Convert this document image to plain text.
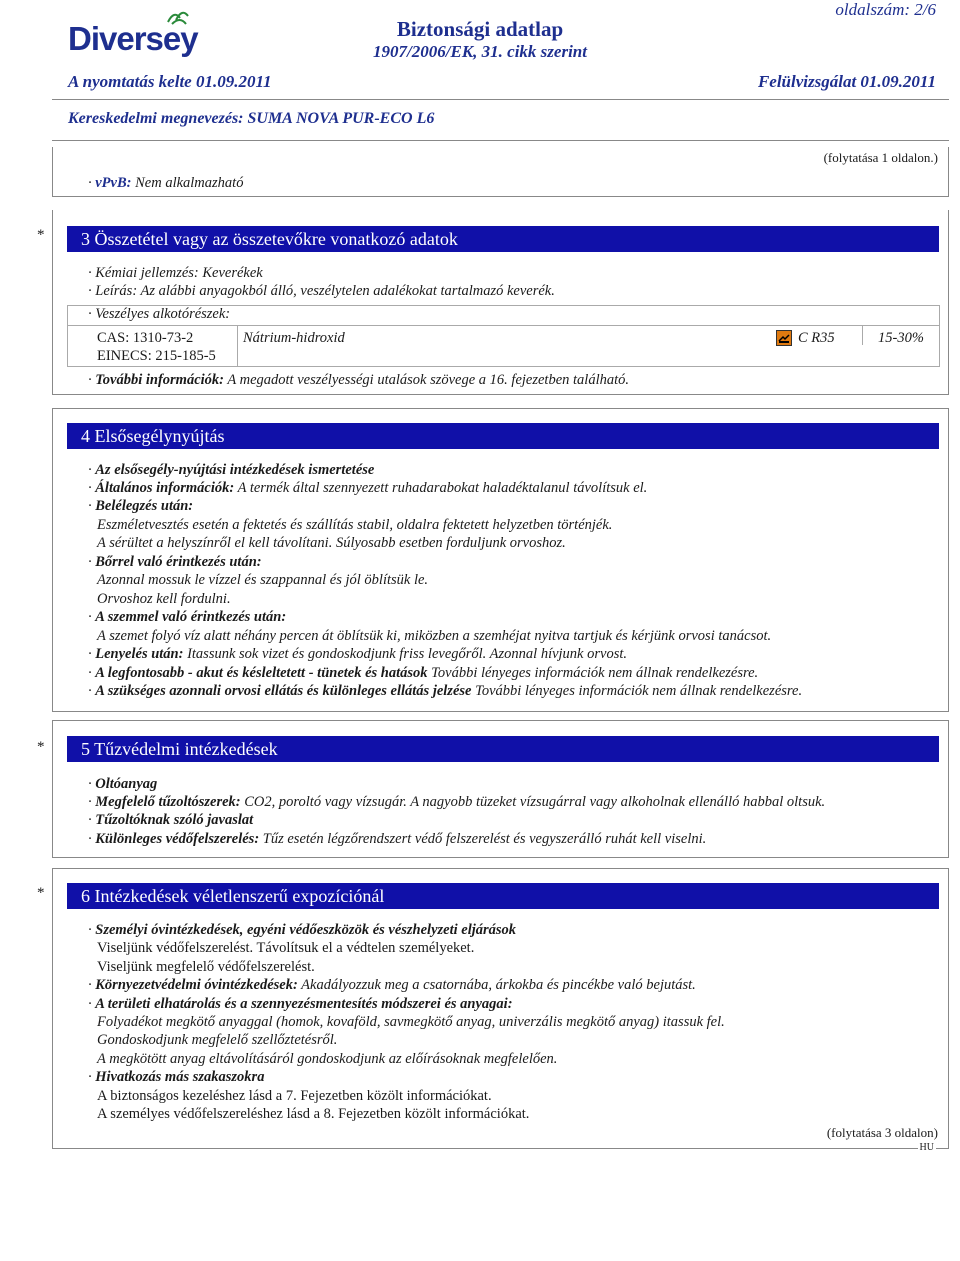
Diversey	Biztonsági adatlap
1907/2006/EK, 31. cikk szerint
oldalszám: 2/6
A nyomtatás kelte 01.09.2011	Felülvizsgálat 01.09.2011
Kereskedelmi megnevezés: SUMA NOVA PUR-ECO L6
· vPvB: Nem alkalmazható
(folytatása 1 oldalon.)
*	3 Összetétel vagy az összetevőkre vonatkozó adatok
· Kémiai jellemzés: Keverékek
· Leírás: Az alábbi anyagokból álló, veszélytelen adalékokat tartalmazó keverék.
· Veszélyes alkotórészek:
CAS: 1310-73-2
EINECS: 215-185-5
Nátrium-hidroxid	C R35	15-30%
· További információk: A megadott veszélyességi utalások szövege a 16. fejezetben található.
4 Elsősegélynyújtás
· Az elsősegély-nyújtási intézkedések ismertetése
· Általános információk: A termék által szennyezett ruhadarabokat haladéktalanul távolítsuk el.
· Belélegzés után:
Eszméletvesztés esetén a fektetés és szállítás stabil, oldalra fektetett helyzetben történjék.
A sérültet a helyszínről el kell távolítani. Súlyosabb esetben forduljunk orvoshoz.
· Bőrrel való érintkezés után:
Azonnal mossuk le vízzel és szappannal és jól öblítsük le.
Orvoshoz kell fordulni.
· A szemmel való érintkezés után:
A szemet folyó víz alatt néhány percen át öblítsük ki, miközben a szemhéjat nyitva tartjuk és kérjünk orvosi tanácsot.
· Lenyelés után: Itassunk sok vizet és gondoskodjunk friss levegőről. Azonnal hívjunk orvost.
· A legfontosabb - akut és késleltetett - tünetek és hatások További lényeges információk nem állnak rendelkezésre.
· A szükséges azonnali orvosi ellátás és különleges ellátás jelzése További lényeges információk nem állnak rendelkezésre.
*	5 Tűzvédelmi intézkedések
· Oltóanyag
· Megfelelő tűzoltószerek: CO2, poroltó vagy vízsugár. A nagyobb tüzeket vízsugárral vagy alkoholnak ellenálló habbal oltsuk.
· Tűzoltóknak szóló javaslat
· Különleges védőfelszerelés: Tűz esetén légzőrendszert védő felszerelést és vegyszerálló ruhát kell viselni.
*	6 Intézkedések véletlenszerű expozíciónál
· Személyi óvintézkedések, egyéni védőeszközök és vészhelyzeti eljárások
Viseljünk védőfelszerelést. Távolítsuk el a védtelen személyeket.
Viseljünk megfelelő védőfelszerelést.
· Környezetvédelmi óvintézkedések: Akadályozzuk meg a csatornába, árkokba és pincékbe való bejutást.
· A területi elhatárolás és a szennyezésmentesítés módszerei és anyagai:
Folyadékot megkötő anyaggal (homok, kovaföld, savmegkötő anyag, univerzális megkötő anyag) itassuk fel.
Gondoskodjunk megfelelő szellőztetésről.
A megkötött anyag eltávolításáról gondoskodjunk az előírásoknak megfelelően.
· Hivatkozás más szakaszokra
A biztonságos kezeléshez lásd a 7. Fejezetben közölt információkat.
A személyes védőfelszereléshez lásd a 8. Fejezetben közölt információkat.
(folytatása 3 oldalon)
HU
